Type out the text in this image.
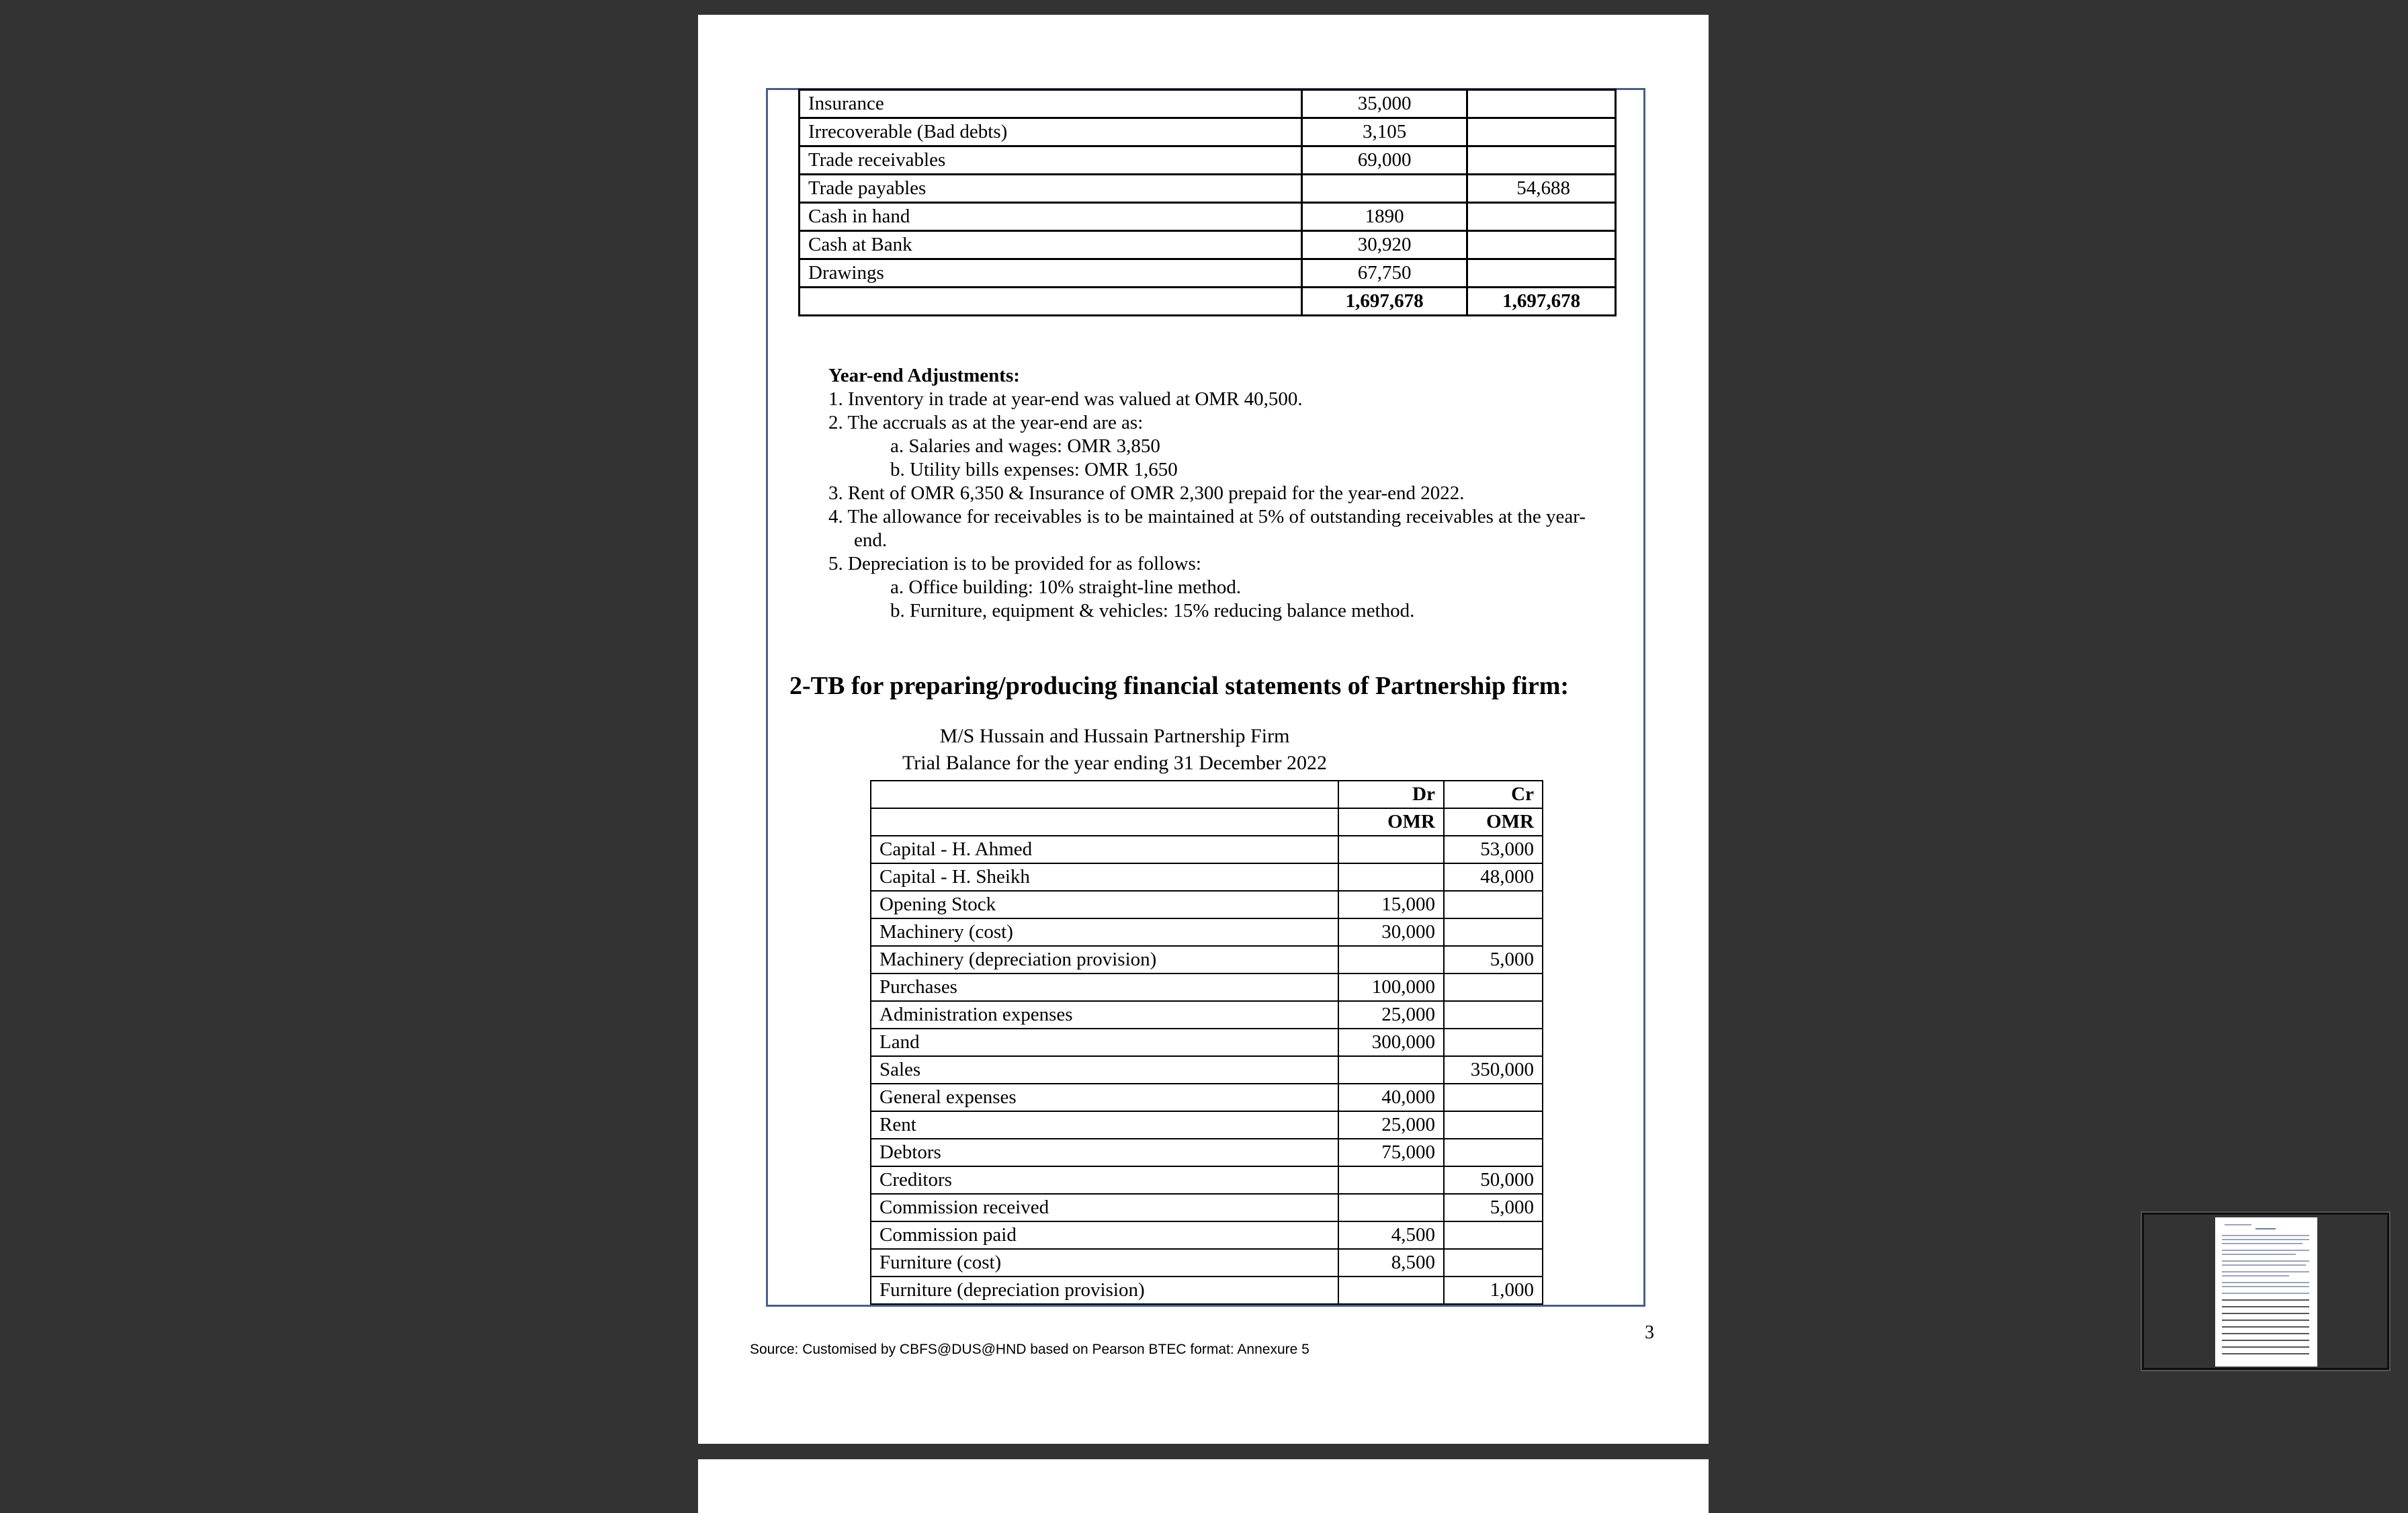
Insurance	35,000	
Irrecoverable (Bad debts)	3,105	
Trade receivables	69,000	
Trade payables		54,688
Cash in hand	1890	
Cash at Bank	30,920	
Drawings	67,750	
	1,697,678	1,697,678
Year-end Adjustments:
1. Inventory in trade at year-end was valued at OMR 40,500.
2. The accruals as at the year-end are as:
a. Salaries and wages: OMR 3,850
b. Utility bills expenses: OMR 1,650
3. Rent of OMR 6,350 & Insurance of OMR 2,300 prepaid for the year-end 2022.
4. The allowance for receivables is to be maintained at 5% of outstanding receivables at the year-
end.
5. Depreciation is to be provided for as follows:
a. Office building: 10% straight-line method.
b. Furniture, equipment & vehicles: 15% reducing balance method.
2-TB for preparing/producing financial statements of Partnership firm:
M/S Hussain and Hussain Partnership Firm
Trial Balance for the year ending 31 December 2022
	Dr	Cr
	OMR	OMR
Capital - H. Ahmed		53,000
Capital - H. Sheikh		48,000
Opening Stock	15,000	
Machinery (cost)	30,000	
Machinery (depreciation provision)		5,000
Purchases	100,000	
Administration expenses	25,000	
Land	300,000	
Sales		350,000
General expenses	40,000	
Rent	25,000	
Debtors	75,000	
Creditors		50,000
Commission received		5,000
Commission paid	4,500	
Furniture (cost)	8,500	
Furniture (depreciation provision)		1,000
3
Source: Customised by CBFS@DUS@HND based on Pearson BTEC format: Annexure 5
